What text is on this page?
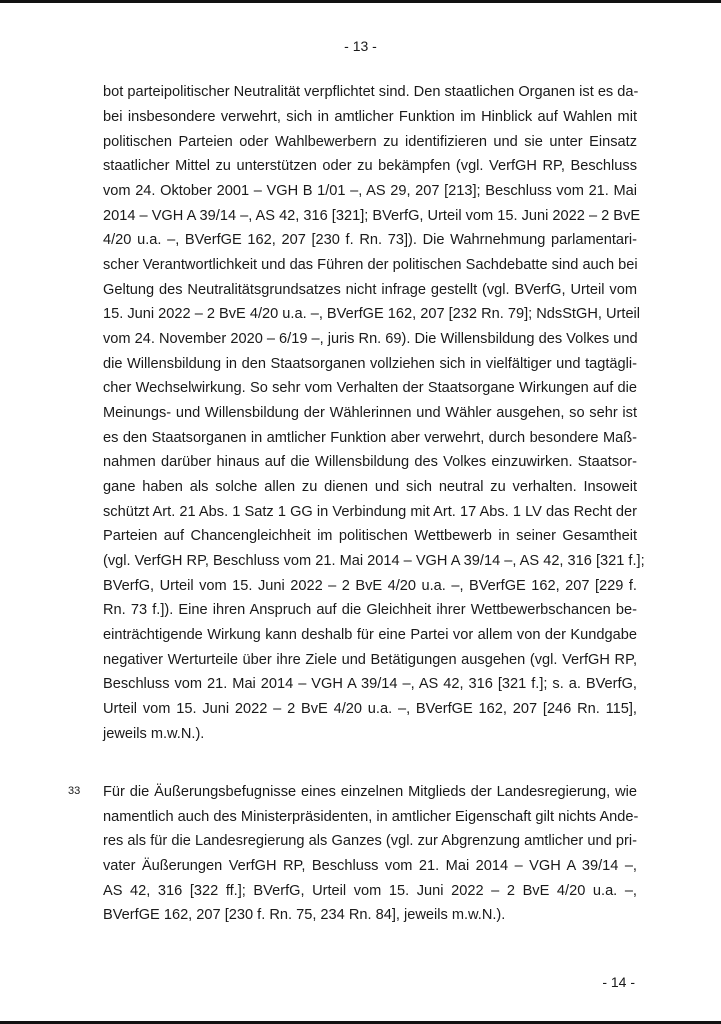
- 13 -
bot parteipolitischer Neutralität verpflichtet sind. Den staatlichen Organen ist es da-
bei insbesondere verwehrt, sich in amtlicher Funktion im Hinblick auf Wahlen mit
politischen Parteien oder Wahlbewerbern zu identifizieren und sie unter Einsatz
staatlicher Mittel zu unterstützen oder zu bekämpfen (vgl. VerfGH RP, Beschluss
vom 24. Oktober 2001 – VGH B 1/01 –, AS 29, 207 [213]; Beschluss vom 21. Mai
2014 – VGH A 39/14 –, AS 42, 316 [321]; BVerfG, Urteil vom 15. Juni 2022 – 2 BvE
4/20 u.a. –, BVerfGE 162, 207 [230 f. Rn. 73]). Die Wahrnehmung parlamentari-
scher Verantwortlichkeit und das Führen der politischen Sachdebatte sind auch bei
Geltung des Neutralitätsgrundsatzes nicht infrage gestellt (vgl. BVerfG, Urteil vom
15. Juni 2022 – 2 BvE 4/20 u.a. –, BVerfGE 162, 207 [232 Rn. 79]; NdsStGH, Urteil
vom 24. November 2020 – 6/19 –, juris Rn. 69). Die Willensbildung des Volkes und
die Willensbildung in den Staatsorganen vollziehen sich in vielfältiger und tagtägli-
cher Wechselwirkung. So sehr vom Verhalten der Staatsorgane Wirkungen auf die
Meinungs- und Willensbildung der Wählerinnen und Wähler ausgehen, so sehr ist
es den Staatsorganen in amtlicher Funktion aber verwehrt, durch besondere Maß-
nahmen darüber hinaus auf die Willensbildung des Volkes einzuwirken. Staatsor-
gane haben als solche allen zu dienen und sich neutral zu verhalten. Insoweit
schützt Art. 21 Abs. 1 Satz 1 GG in Verbindung mit Art. 17 Abs. 1 LV das Recht der
Parteien auf Chancengleichheit im politischen Wettbewerb in seiner Gesamtheit
(vgl. VerfGH RP, Beschluss vom 21. Mai 2014 – VGH A 39/14 –, AS 42, 316 [321 f.];
BVerfG, Urteil vom 15. Juni 2022 – 2 BvE 4/20 u.a. –, BVerfGE 162, 207 [229 f.
Rn. 73 f.]). Eine ihren Anspruch auf die Gleichheit ihrer Wettbewerbschancen be-
einträchtigende Wirkung kann deshalb für eine Partei vor allem von der Kundgabe
negativer Werturteile über ihre Ziele und Betätigungen ausgehen (vgl. VerfGH RP,
Beschluss vom 21. Mai 2014 – VGH A 39/14 –, AS 42, 316 [321 f.]; s. a. BVerfG,
Urteil vom 15. Juni 2022 – 2 BvE 4/20 u.a. –, BVerfGE 162, 207 [246 Rn. 115],
jeweils m.w.N.).
33 Für die Äußerungsbefugnisse eines einzelnen Mitglieds der Landesregierung, wie
namentlich auch des Ministerpräsidenten, in amtlicher Eigenschaft gilt nichts Ande-
res als für die Landesregierung als Ganzes (vgl. zur Abgrenzung amtlicher und pri-
vater Äußerungen VerfGH RP, Beschluss vom 21. Mai 2014 – VGH A 39/14 –,
AS 42, 316 [322 ff.]; BVerfG, Urteil vom 15. Juni 2022 – 2 BvE 4/20 u.a. –,
BVerfGE 162, 207 [230 f. Rn. 75, 234 Rn. 84], jeweils m.w.N.).
- 14 -
